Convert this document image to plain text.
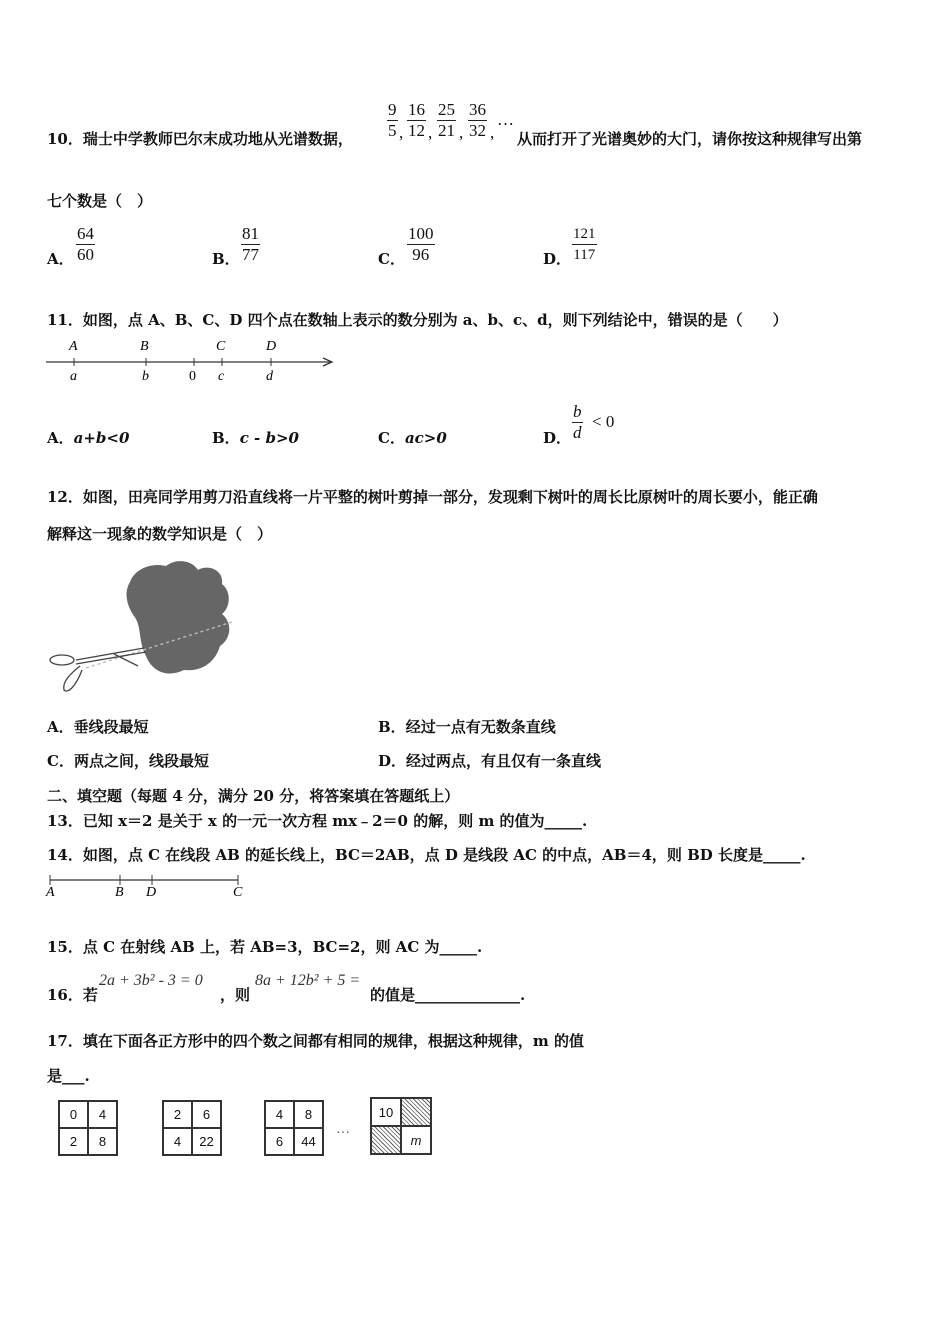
10．瑞士中学教师巴尔末成功地从光谱数据， $\frac{9}{5}$ , $\frac{16}{12}$ , $\frac{25}{21}$ , $\frac{36}{32}$ ,
…
从而打开了光谱奥妙的大门，请你按这种规律写出第
七个数是（　）
A． $\frac{64}{60}$	B． $\frac{81}{77}$	C． $\frac{100}{96}$	D． $\frac{121}{117}$
11．如图，点 A、B、C、D 四个点在数轴上表示的数分别为 a、b、c、d，则下列结论中，错误的是（　　）
A	B	C	D
a	b	0 c	d
A．a+b<0	B．c - b>0	C．ac>0	D． $\frac{b}{d} < 0$
12．如图，田亮同学用剪刀沿直线将一片平整的树叶剪掉一部分，发现剩下树叶的周长比原树叶的周长要小，能正确
解释这一现象的数学知识是（　）
A．垂线段最短	B．经过一点有无数条直线
C．两点之间，线段最短	D．经过两点，有且仅有一条直线
二、填空题（每题 4 分，满分 20 分，将答案填在答题纸上）
13．已知 x＝2 是关于 x 的一元一次方程 mx﹣2＝0 的解，则 m 的值为_____.
14．如图，点 C 在线段 AB 的延长线上，BC＝2AB，点 D 是线段 AC 的中点，AB＝4，则 BD 长度是_____.
A	B D	C
15．点 C 在射线 AB 上，若 AB=3，BC=2，则 AC 为_____.
16．若
2a + 3b² - 3 = 0
，则
8a + 12b² + 5 =
的值是______________.
17．填在下面各正方形中的四个数之间都有相同的规律，根据这种规律，m 的值
是___.
0	4
2	8
2	6
4	22
4	8
6	44
…
10
m
